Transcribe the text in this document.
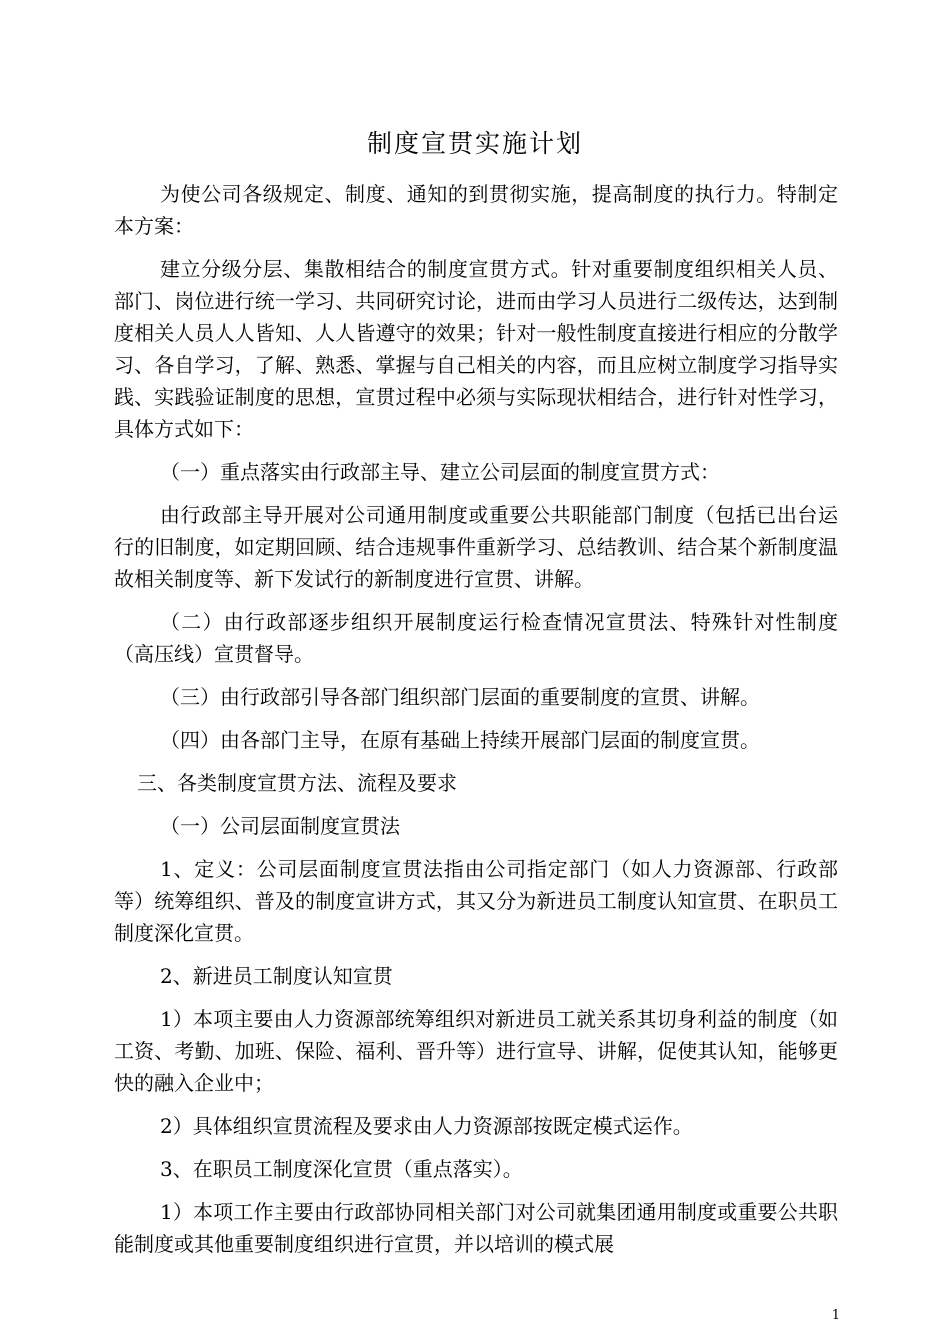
制度宣贯实施计划

为使公司各级规定、制度、通知的到贯彻实施，提高制度的执行力。特制定本方案：

建立分级分层、集散相结合的制度宣贯方式。针对重要制度组织相关人员、部门、岗位进行统一学习、共同研究讨论，进而由学习人员进行二级传达，达到制度相关人员人人皆知、人人皆遵守的效果；针对一般性制度直接进行相应的分散学习、各自学习，了解、熟悉、掌握与自己相关的内容，而且应树立制度学习指导实践、实践验证制度的思想，宣贯过程中必须与实际现状相结合，进行针对性学习，具体方式如下：

（一）重点落实由行政部主导、建立公司层面的制度宣贯方式：

由行政部主导开展对公司通用制度或重要公共职能部门制度（包括已出台运行的旧制度，如定期回顾、结合违规事件重新学习、总结教训、结合某个新制度温故相关制度等、新下发试行的新制度进行宣贯、讲解。

（二）由行政部逐步组织开展制度运行检查情况宣贯法、特殊针对性制度（高压线）宣贯督导。

（三）由行政部引导各部门组织部门层面的重要制度的宣贯、讲解。

（四）由各部门主导，在原有基础上持续开展部门层面的制度宣贯。

三、各类制度宣贯方法、流程及要求

（一）公司层面制度宣贯法

1、定义：公司层面制度宣贯法指由公司指定部门（如人力资源部、行政部等）统筹组织、普及的制度宣讲方式，其又分为新进员工制度认知宣贯、在职员工制度深化宣贯。

2、新进员工制度认知宣贯

1）本项主要由人力资源部统筹组织对新进员工就关系其切身利益的制度（如工资、考勤、加班、保险、福利、晋升等）进行宣导、讲解，促使其认知，能够更快的融入企业中；

2）具体组织宣贯流程及要求由人力资源部按既定模式运作。

3、在职员工制度深化宣贯（重点落实）。

1）本项工作主要由行政部协同相关部门对公司就集团通用制度或重要公共职能制度或其他重要制度组织进行宣贯，并以培训的模式展

1
